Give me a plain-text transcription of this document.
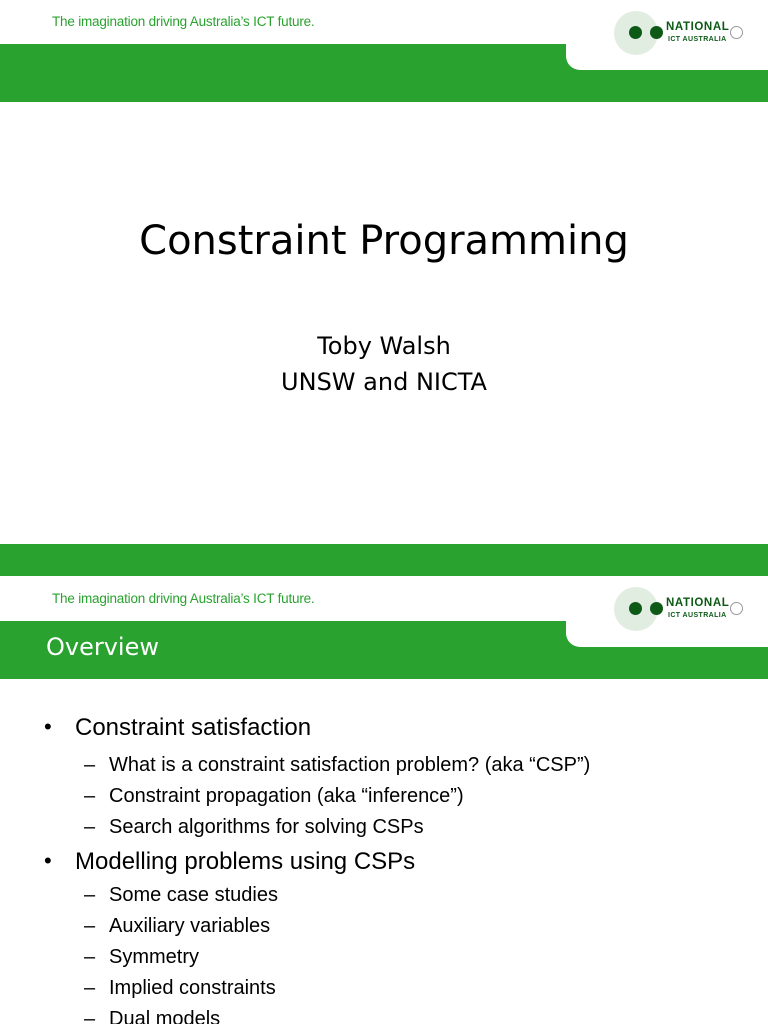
The imagination driving Australia’s ICT future.	NATIONAL
ICT AUSTRALIA
Constraint Programming
Toby Walsh
UNSW and NICTA
The imagination driving Australia’s ICT future.	NATIONAL
ICT AUSTRALIA
Overview
• Constraint satisfaction
– What is a constraint satisfaction problem? (aka “CSP”)
– Constraint propagation (aka “inference”)
– Search algorithms for solving CSPs
• Modelling problems using CSPs
– Some case studies
– Auxiliary variables
– Symmetry
– Implied constraints
– Dual models
